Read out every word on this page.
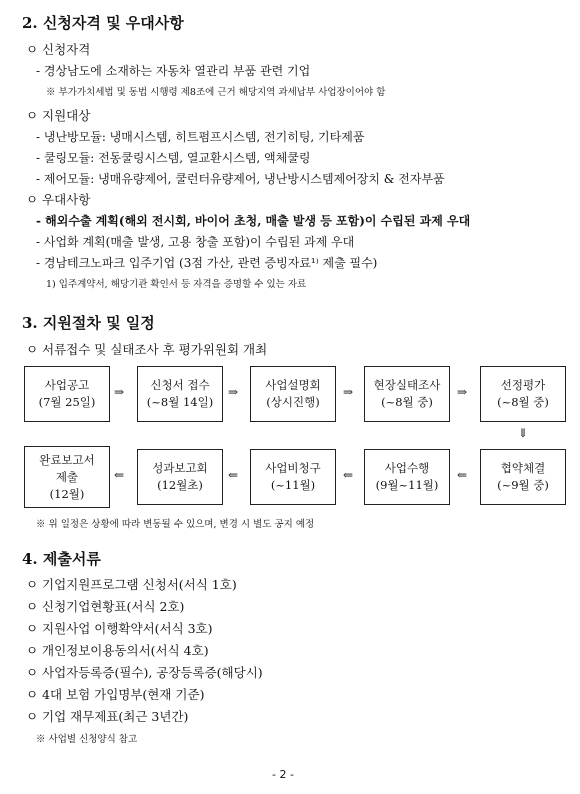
2. 신청자격 및 우대사항
ㅇ 신청자격
- 경상남도에 소재하는 자동차 열관리 부품 관련 기업
※ 부가가치세법 및 동법 시행령 제8조에 근거 해당지역 과세납부 사업장이어야 함
ㅇ 지원대상
- 냉난방모듈: 냉매시스템, 히트펌프시스템, 전기히팅, 기타제품
- 쿨링모듈: 전동쿨링시스템, 열교환시스템, 액체쿨링
- 제어모듈: 냉매유량제어, 쿨런터유량제어, 냉난방시스템제어장치 & 전자부품
ㅇ 우대사항
- 해외수출 계획(해외 전시회, 바이어 초청, 매출 발생 등 포함)이 수립된 과제 우대
- 사업화 계획(매출 발생, 고용 창출 포함)이 수립된 과제 우대
- 경남테크노파크 입주기업 (3점 가산, 관련 증빙자료¹⁾ 제출 필수)
1) 입주계약서, 해당기관 확인서 등 자격을 증명할 수 있는 자료
3. 지원절차 및 일정
ㅇ 서류접수 및 실태조사 후 평가위원회 개최
사업공고
(7월 25일)
⇒ 신청서 접수
(~8월 14일)
⇒ 사업설명회
(상시진행)
⇒ 현장실태조사
(~8월 중)
⇒	선정평가
(~8월 중)
⇓
완료보고서
제출
(12월)
⇐ 성과보고회
(12월초)
⇐ 사업비청구
(~11월)
⇐	사업수행
(9월~11월)
⇐	협약체결
(~9월 중)
※ 위 일정은 상황에 따라 변동될 수 있으며, 변경 시 별도 공지 예정
4. 제출서류
ㅇ 기업지원프로그램 신청서(서식 1호)
ㅇ 신청기업현황표(서식 2호)
ㅇ 지원사업 이행확약서(서식 3호)
ㅇ 개인정보이용동의서(서식 4호)
ㅇ 사업자등록증(필수), 공장등록증(해당시)
ㅇ 4대 보험 가입명부(현재 기준)
ㅇ 기업 재무제표(최근 3년간)
※ 사업별 신청양식 참고
- 2 -
